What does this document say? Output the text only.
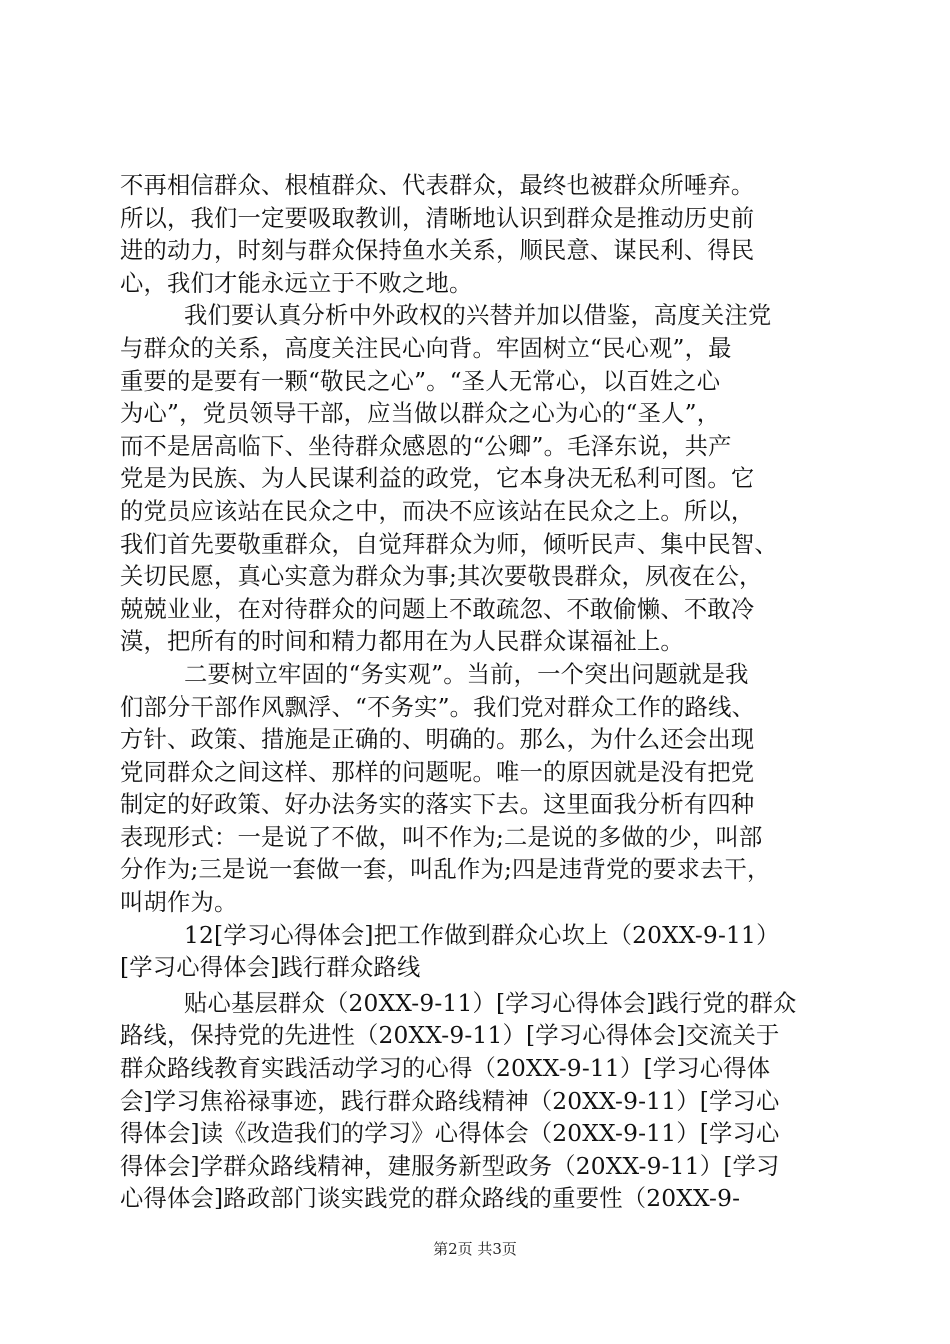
不再相信群众、根植群众、代表群众，最终也被群众所唾弃。
所以，我们一定要吸取教训，清晰地认识到群众是推动历史前
进的动力，时刻与群众保持鱼水关系，顺民意、谋民利、得民
心，我们才能永远立于不败之地。
我们要认真分析中外政权的兴替并加以借鉴，高度关注党
与群众的关系，高度关注民心向背。牢固树立“民心观”，最
重要的是要有一颗“敬民之心”。“圣人无常心，以百姓之心
为心”，党员领导干部，应当做以群众之心为心的“圣人”，
而不是居高临下、坐待群众感恩的“公卿”。毛泽东说，共产
党是为民族、为人民谋利益的政党，它本身决无私利可图。它
的党员应该站在民众之中，而决不应该站在民众之上。所以，
我们首先要敬重群众，自觉拜群众为师，倾听民声、集中民智、
关切民愿，真心实意为群众为事;其次要敬畏群众，夙夜在公，
兢兢业业，在对待群众的问题上不敢疏忽、不敢偷懒、不敢冷
漠，把所有的时间和精力都用在为人民群众谋福祉上。
二要树立牢固的“务实观”。当前，一个突出问题就是我
们部分干部作风飘浮、“不务实”。我们党对群众工作的路线、
方针、政策、措施是正确的、明确的。那么，为什么还会出现
党同群众之间这样、那样的问题呢。唯一的原因就是没有把党
制定的好政策、好办法务实的落实下去。这里面我分析有四种
表现形式：一是说了不做，叫不作为;二是说的多做的少，叫部
分作为;三是说一套做一套，叫乱作为;四是违背党的要求去干，
叫胡作为。
12[学习心得体会]把工作做到群众心坎上（20XX-9-11）
[学习心得体会]践行群众路线
贴心基层群众（20XX-9-11）[学习心得体会]践行党的群众
路线，保持党的先进性（20XX-9-11）[学习心得体会]交流关于
群众路线教育实践活动学习的心得（20XX-9-11）[学习心得体
会]学习焦裕禄事迹，践行群众路线精神（20XX-9-11）[学习心
得体会]读《改造我们的学习》心得体会（20XX-9-11）[学习心
得体会]学群众路线精神，建服务新型政务（20XX-9-11）[学习
心得体会]路政部门谈实践党的群众路线的重要性（20XX-9-
第2页 共3页
